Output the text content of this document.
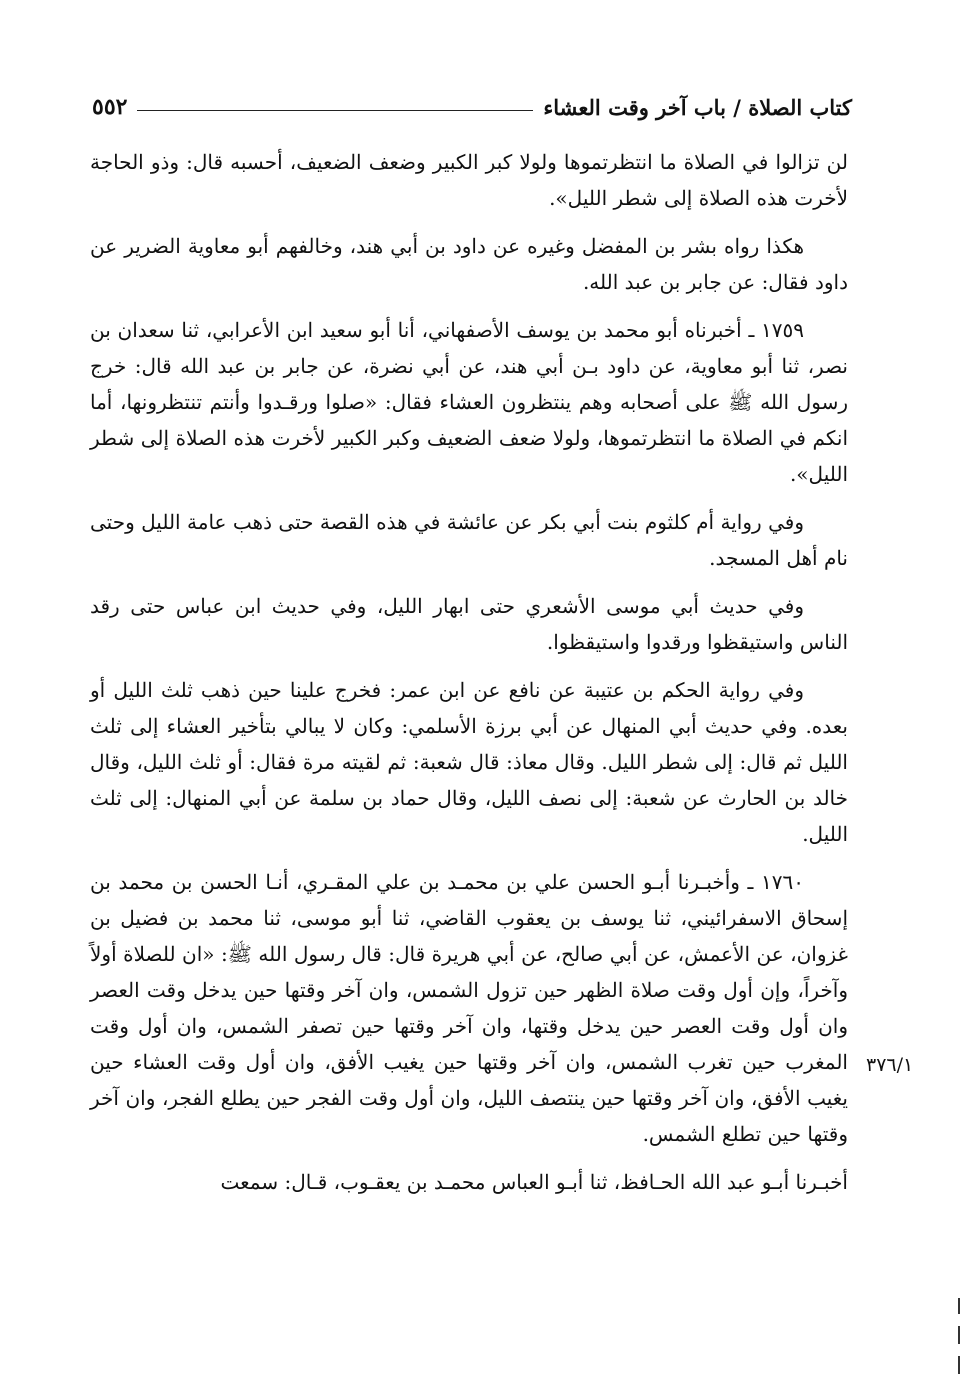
كتاب الصلاة / باب آخر وقت العشاء
٥٥٢

لن تزالوا في الصلاة ما انتظرتموها ولولا كبر الكبير وضعف الضعيف، أحسبه قال: وذو الحاجة لأخرت هذه الصلاة إلى شطر الليل».

هكذا رواه بشر بن المفضل وغيره عن داود بن أبي هند، وخالفهم أبو معاوية الضرير عن داود فقال: عن جابر بن عبد الله.

١٧٥٩ ـ أخبرناه أبو محمد بن يوسف الأصفهاني، أنا أبو سعيد ابن الأعرابي، ثنا سعدان بن نصر، ثنا أبو معاوية، عن داود بـن أبي هند، عن أبي نضرة، عن جابر بن عبد الله قال: خرج رسول الله ﷺ على أصحابه وهم ينتظرون العشاء فقال: «صلوا ورقـدوا وأنتم تنتظرونها، أما انكم في الصلاة ما انتظرتموها، ولولا ضعف الضعيف وكبر الكبير لأخرت هذه الصلاة إلى شطر الليل».

وفي رواية أم كلثوم بنت أبي بكر عن عائشة في هذه القصة حتى ذهب عامة الليل وحتى نام أهل المسجد.

وفي حديث أبي موسى الأشعري حتى ابهار الليل، وفي حديث ابن عباس حتى رقد الناس واستيقظوا ورقدوا واستيقظوا.

وفي رواية الحكم بن عتيبة عن نافع عن ابن عمر: فخرج علينا حين ذهب ثلث الليل أو بعده. وفي حديث أبي المنهال عن أبي برزة الأسلمي: وكان لا يبالي بتأخير العشاء إلى ثلث الليل ثم قال: إلى شطر الليل. وقال معاذ: قال شعبة: ثم لقيته مرة فقال: أو ثلث الليل، وقال خالد بن الحارث عن شعبة: إلى نصف الليل، وقال حماد بن سلمة عن أبي المنهال: إلى ثلث الليل.

١٧٦٠ ـ وأخبـرنا أبـو الحسن علي بن محمـد بن علي المقـري، أنـا الحسن بن محمد بن إسحاق الاسفرائيني، ثنا يوسف بن يعقوب القاضي، ثنا أبو موسى، ثنا محمد بن فضيل بن غزوان، عن الأعمش، عن أبي صالح، عن أبي هريرة قال: قال رسول الله ﷺ: «ان للصلاة أولاً وآخراً، وإن أول وقت صلاة الظهر حين تزول الشمس، وان آخر وقتها حين يدخل وقت العصر وان أول وقت العصر حين يدخل وقتها، وان آخر وقتها حين تصفر الشمس، وان أول وقت المغرب حين تغرب الشمس، وان آخر وقتها حين يغيب الأفق، وان أول وقت العشاء حين يغيب الأفق، وان آخر وقتها حين ينتصف الليل، وان أول وقت الفجر حين يطلع الفجر، وان آخر وقتها حين تطلع الشمس.

أخبـرنا أبـو عبد الله الحـافظ، ثنا أبـو العباس محمـد بن يعقـوب، قـال: سمعت

٣٧٦/١
